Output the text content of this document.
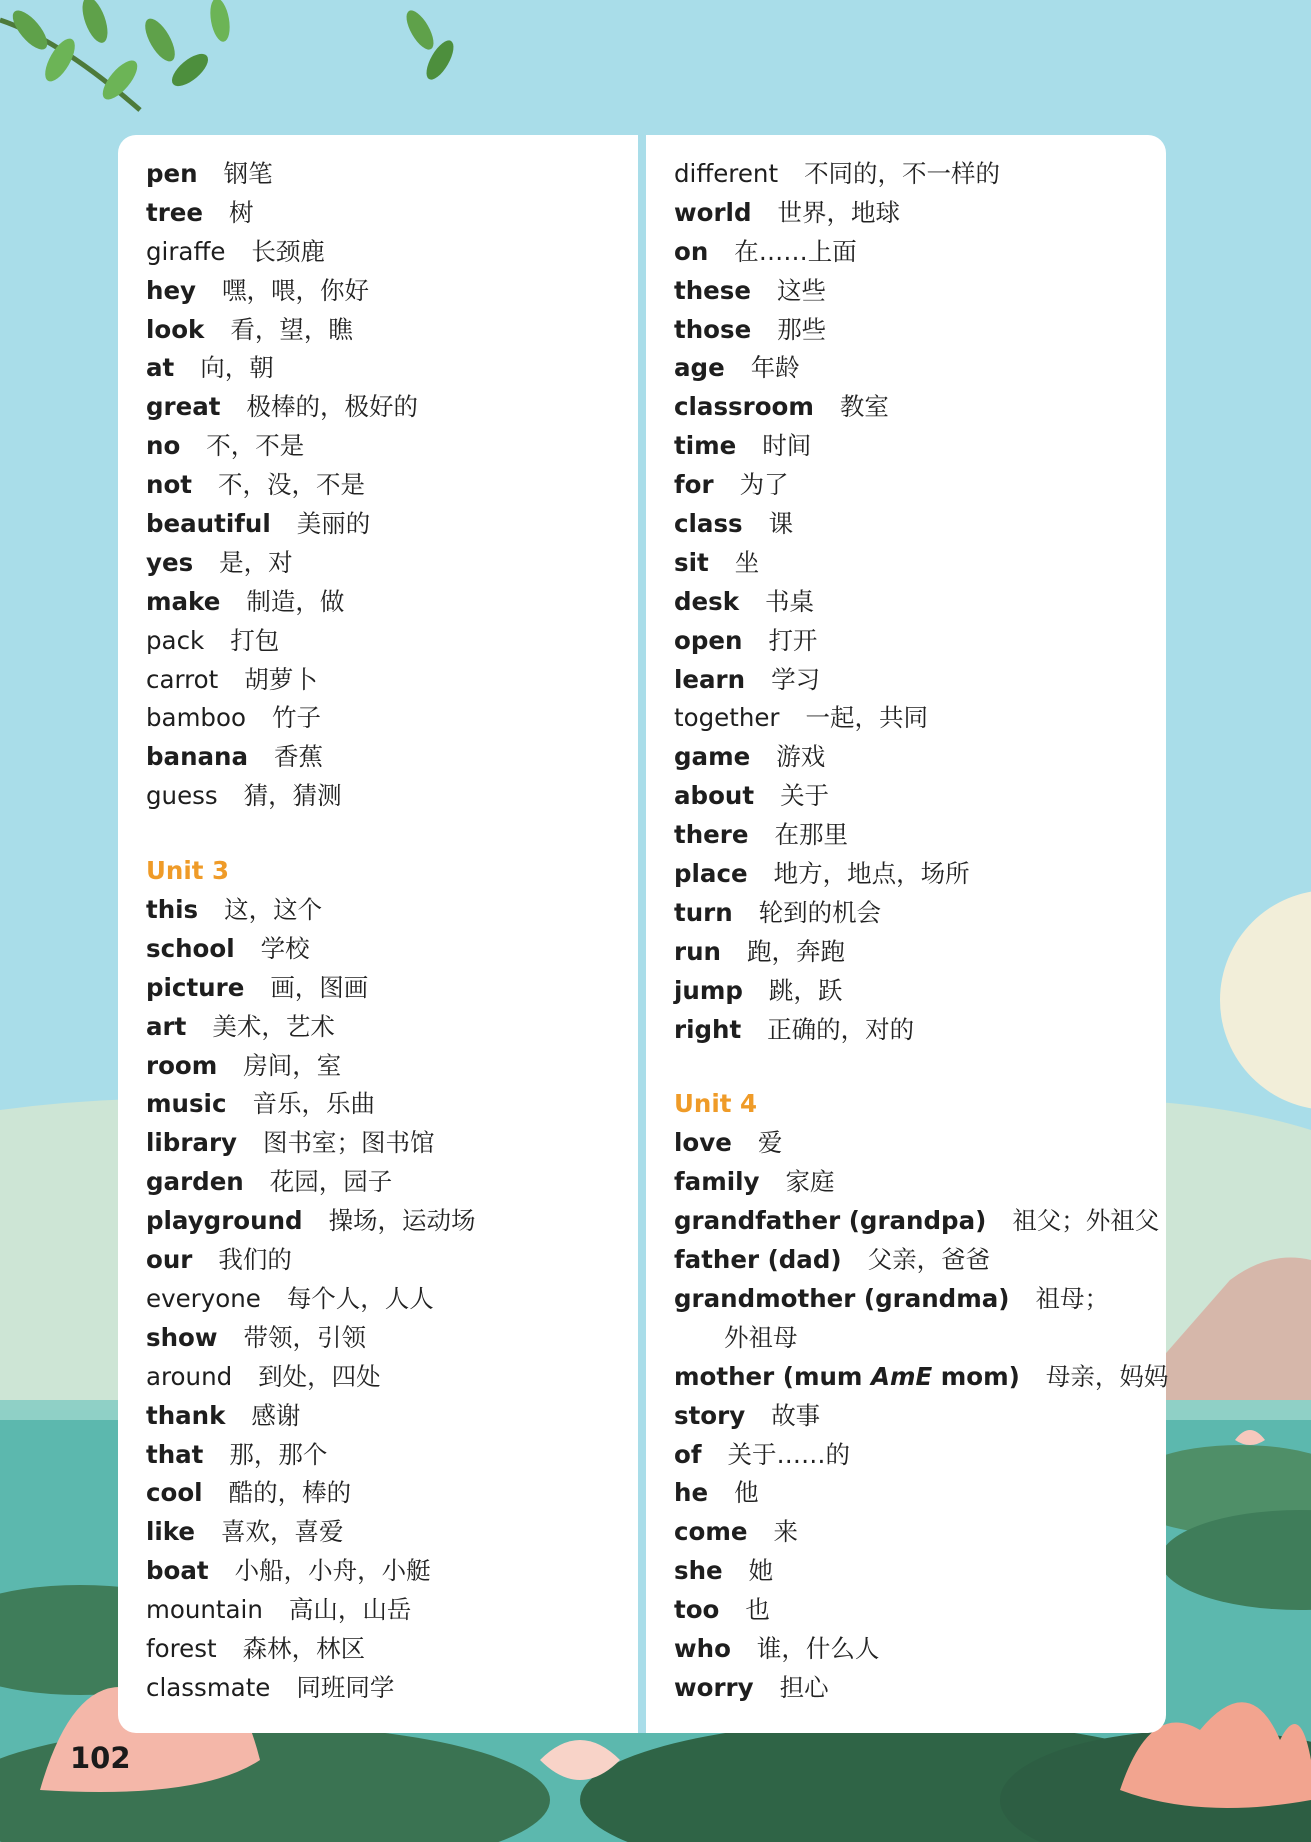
pen 钢笔
tree 树
giraffe 长颈鹿
hey 嘿，喂，你好
look 看，望，瞧
at 向，朝
great 极棒的，极好的
no 不，不是
not 不，没，不是
beautiful 美丽的
yes 是，对
make 制造，做
pack 打包
carrot 胡萝卜
bamboo 竹子
banana 香蕉
guess 猜，猜测
Unit 3
this 这，这个
school 学校
picture 画，图画
art 美术，艺术
room 房间，室
music 音乐，乐曲
library 图书室；图书馆
garden 花园，园子
playground 操场，运动场
our 我们的
everyone 每个人，人人
show 带领，引领
around 到处，四处
thank 感谢
that 那，那个
cool 酷的，棒的
like 喜欢，喜爱
boat 小船，小舟，小艇
mountain 高山，山岳
forest 森林，林区
classmate 同班同学
different 不同的，不一样的
world 世界，地球
on 在……上面
these 这些
those 那些
age 年龄
classroom 教室
time 时间
for 为了
class 课
sit 坐
desk 书桌
open 打开
learn 学习
together 一起，共同
game 游戏
about 关于
there 在那里
place 地方，地点，场所
turn 轮到的机会
run 跑，奔跑
jump 跳，跃
right 正确的，对的
Unit 4
love 爱
family 家庭
grandfather (grandpa) 祖父；外祖父
father (dad) 父亲，爸爸
grandmother (grandma) 祖母；
外祖母
mother (mum AmE mom) 母亲，妈妈
story 故事
of 关于……的
he 他
come 来
she 她
too 也
who 谁，什么人
worry 担心
102
